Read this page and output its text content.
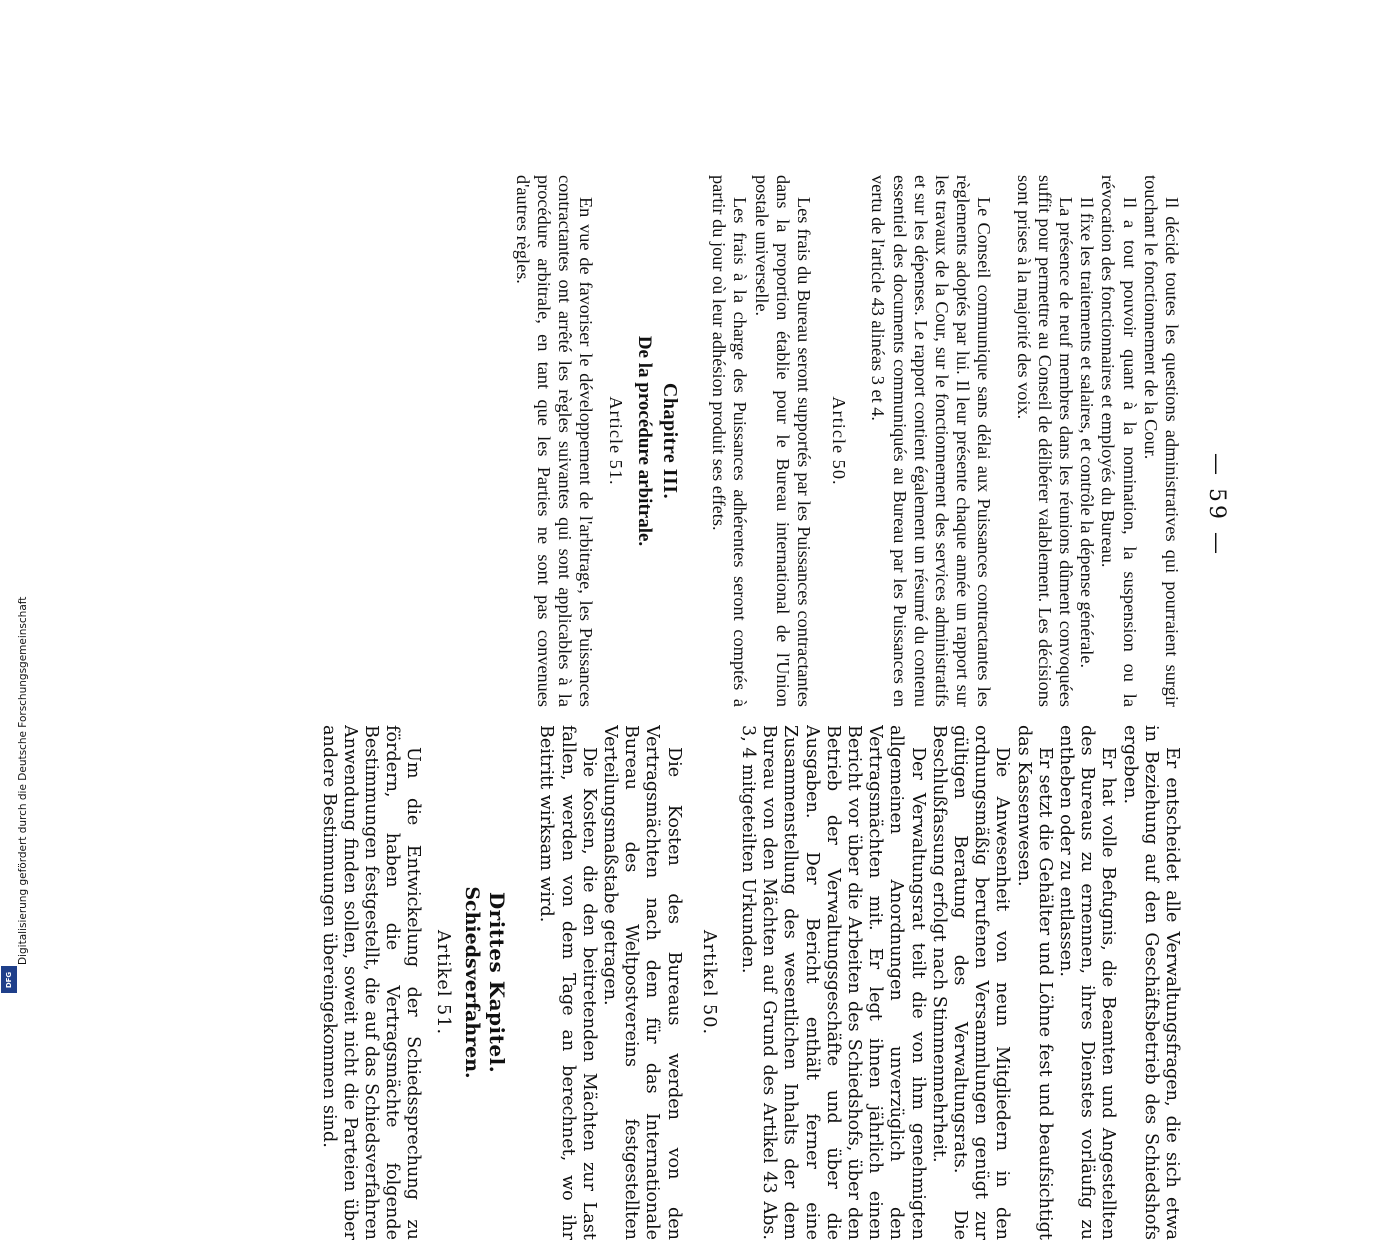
— 59 —

Il décide toutes les questions administratives qui pourraient surgir touchant le fonctionnement de la Cour.

Il a tout pouvoir quant à la nomination, la suspension ou la révocation des fonctionnaires et employés du Bureau.

Il fixe les traitements et salaires, et contrôle la dépense générale.

La présence de neuf membres dans les réunions dûment convoquées suffit pour permettre au Conseil de délibérer valablement. Les décisions sont prises à la majorité des voix.

Le Conseil communique sans délai aux Puissances contractantes les règlements adoptés par lui. Il leur présente chaque année un rapport sur les travaux de la Cour, sur le fonctionnement des services administratifs et sur les dépenses. Le rapport contient également un résumé du contenu essentiel des documents communiqués au Bureau par les Puissances en vertu de l'article 43 alinéas 3 et 4.

Article 50.

Les frais du Bureau seront supportés par les Puissances contractantes dans la proportion établie pour le Bureau international de l'Union postale universelle.

Les frais à la charge des Puissances adhérentes seront comptés à partir du jour où leur adhésion produit ses effets.

Chapitre III.

De la procédure arbitrale.

Article 51.

En vue de favoriser le développement de l'arbitrage, les Puissances contractantes ont arrêté les règles suivantes qui sont applicables à la procédure arbitrale, en tant que les Parties ne sont pas convenues d'autres règles.

Er entscheidet alle Verwaltungsfragen, die sich etwa in Beziehung auf den Geschäftsbetrieb des Schiedshofs ergeben.

Er hat volle Befugnis, die Beamten und Angestellten des Bureaus zu ernennen, ihres Dienstes vorläufig zu entheben oder zu entlassen.

Er setzt die Gehälter und Löhne fest und beaufsichtigt das Kassenwesen.

Die Anwesenheit von neun Mitgliedern in den ordnungsmäßig berufenen Versammlungen genügt zur gültigen Beratung des Verwaltungsrats. Die Beschlußfassung erfolgt nach Stimmenmehrheit.

Der Verwaltungsrat teilt die von ihm genehmigten allgemeinen Anordnungen unverzüglich den Vertragsmächten mit. Er legt ihnen jährlich einen Bericht vor über die Arbeiten des Schiedshofs, über den Betrieb der Verwaltungsgeschäfte und über die Ausgaben. Der Bericht enthält ferner eine Zusammenstellung des wesentlichen Inhalts der dem Bureau von den Mächten auf Grund des Artikel 43 Abs. 3, 4 mitgeteilten Urkunden.

Artikel 50.

Die Kosten des Bureaus werden von den Vertragsmächten nach dem für das Internationale Bureau des Weltpostvereins festgestellten Verteilungsmaßstabe getragen.

Die Kosten, die den beitretenden Mächten zur Last fallen, werden von dem Tage an berechnet, wo ihr Beitritt wirksam wird.

Drittes Kapitel.

Schiedsverfahren.

Artikel 51.

Um die Entwickelung der Schiedssprechung zu fördern, haben die Vertragsmächte folgende Bestimmungen festgestellt, die auf das Schiedsverfahren Anwendung finden sollen, soweit nicht die Parteien über andere Bestimmungen übereingekommen sind.

Digitalisierung gefördert durch die Deutsche Forschungsgemeinschaft
DFG
